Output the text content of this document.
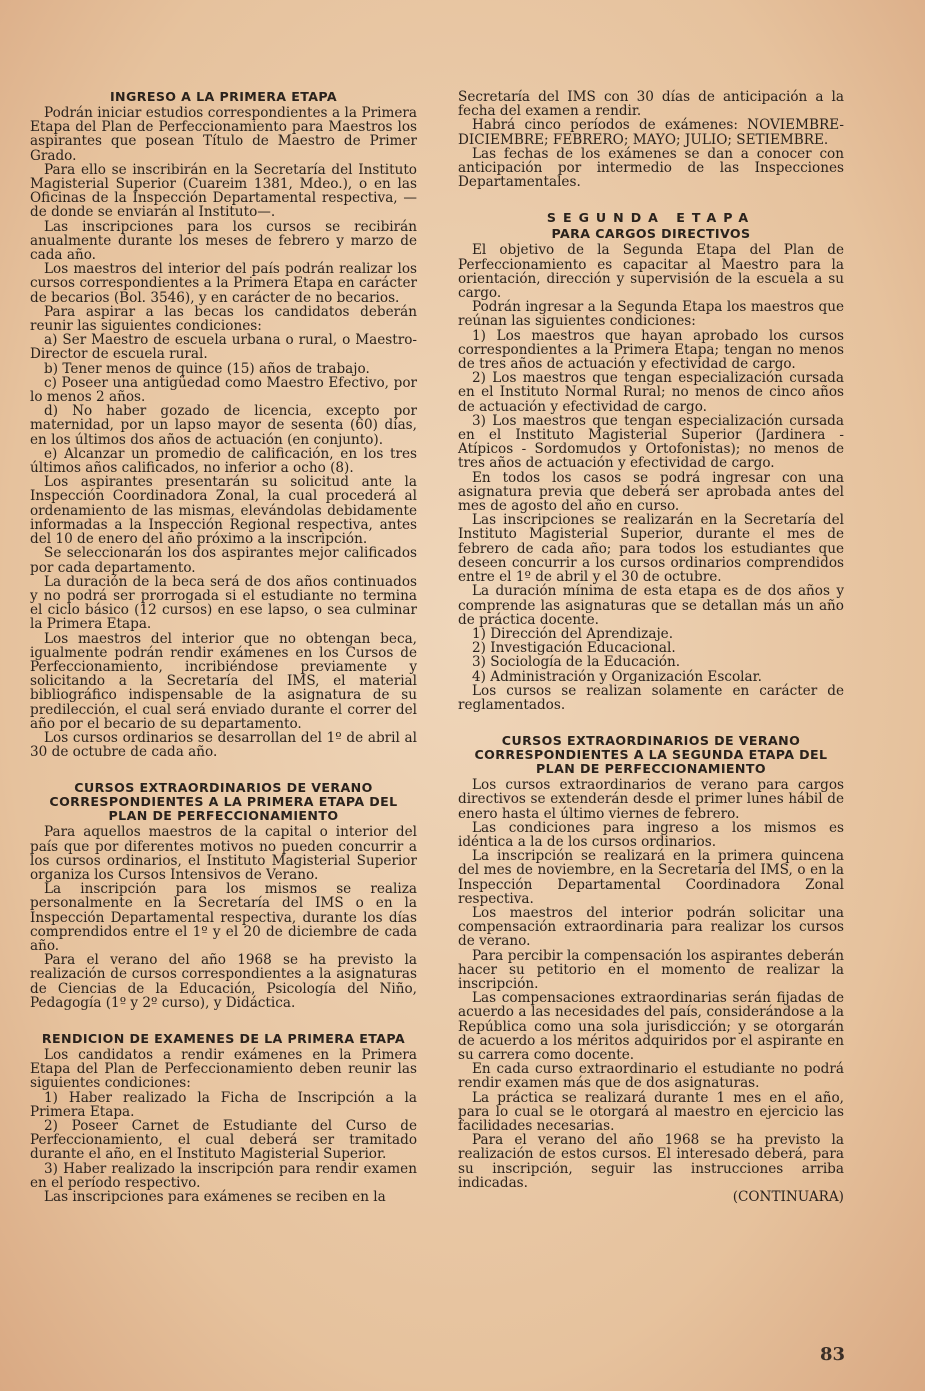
INGRESO A LA PRIMERA ETAPA

Podrán iniciar estudios correspondientes a la Primera Etapa del Plan de Perfeccionamiento para Maestros los aspirantes que posean Título de Maestro de Primer Grado.

Para ello se inscribirán en la Secretaría del Instituto Magisterial Superior (Cuareim 1381, Mdeo.), o en las Oficinas de la Inspección Departamental respectiva, —de donde se enviarán al Instituto—.

Las inscripciones para los cursos se recibirán anualmente durante los meses de febrero y marzo de cada año.

Los maestros del interior del país podrán realizar los cursos correspondientes a la Primera Etapa en carácter de becarios (Bol. 3546), y en carácter de no becarios.

Para aspirar a las becas los candidatos deberán reunir las siguientes condiciones:

a) Ser Maestro de escuela urbana o rural, o Maestro-Director de escuela rural.

b) Tener menos de quince (15) años de trabajo.

c) Poseer una antigüedad como Maestro Efectivo, por lo menos 2 años.

d) No haber gozado de licencia, excepto por maternidad, por un lapso mayor de sesenta (60) días, en los últimos dos años de actuación (en conjunto).

e) Alcanzar un promedio de calificación, en los tres últimos años calificados, no inferior a ocho (8).

Los aspirantes presentarán su solicitud ante la Inspección Coordinadora Zonal, la cual procederá al ordenamiento de las mismas, elevándolas debidamente informadas a la Inspección Regional respectiva, antes del 10 de enero del año próximo a la inscripción.

Se seleccionarán los dos aspirantes mejor calificados por cada departamento.

La duración de la beca será de dos años continuados y no podrá ser prorrogada si el estudiante no termina el ciclo básico (12 cursos) en ese lapso, o sea culminar la Primera Etapa.

Los maestros del interior que no obtengan beca, igualmente podrán rendir exámenes en los Cursos de Perfeccionamiento, incribiéndose previamente y solicitando a la Secretaría del IMS, el material bibliográfico indispensable de la asignatura de su predilección, el cual será enviado durante el correr del año por el becario de su departamento.

Los cursos ordinarios se desarrollan del 1º de abril al 30 de octubre de cada año.

CURSOS EXTRAORDINARIOS DE VERANO CORRESPONDIENTES A LA PRIMERA ETAPA DEL PLAN DE PERFECCIONAMIENTO

Para aquellos maestros de la capital o interior del país que por diferentes motivos no pueden concurrir a los cursos ordinarios, el Instituto Magisterial Superior organiza los Cursos Intensivos de Verano.

La inscripción para los mismos se realiza personalmente en la Secretaría del IMS o en la Inspección Departamental respectiva, durante los días comprendidos entre el 1º y el 20 de diciembre de cada año.

Para el verano del año 1968 se ha previsto la realización de cursos correspondientes a la asignaturas de Ciencias de la Educación, Psicología del Niño, Pedagogía (1º y 2º curso), y Didáctica.

RENDICION DE EXAMENES DE LA PRIMERA ETAPA

Los candidatos a rendir exámenes en la Primera Etapa del Plan de Perfeccionamiento deben reunir las siguientes condiciones:

1) Haber realizado la Ficha de Inscripción a la Primera Etapa.

2) Poseer Carnet de Estudiante del Curso de Perfeccionamiento, el cual deberá ser tramitado durante el año, en el Instituto Magisterial Superior.

3) Haber realizado la inscripción para rendir examen en el período respectivo.

Las inscripciones para exámenes se reciben en la

Secretaría del IMS con 30 días de anticipación a la fecha del examen a rendir.

Habrá cinco períodos de exámenes: NOVIEMBRE-DICIEMBRE; FEBRERO; MAYO; JULIO; SETIEMBRE.

Las fechas de los exámenes se dan a conocer con anticipación por intermedio de las Inspecciones Departamentales.

SEGUNDA ETAPA
PARA CARGOS DIRECTIVOS

El objetivo de la Segunda Etapa del Plan de Perfeccionamiento es capacitar al Maestro para la orientación, dirección y supervisión de la escuela a su cargo.

Podrán ingresar a la Segunda Etapa los maestros que reúnan las siguientes condiciones:

1) Los maestros que hayan aprobado los cursos correspondientes a la Primera Etapa; tengan no menos de tres años de actuación y efectividad de cargo.

2) Los maestros que tengan especialización cursada en el Instituto Normal Rural; no menos de cinco años de actuación y efectividad de cargo.

3) Los maestros que tengan especialización cursada en el Instituto Magisterial Superior (Jardinera - Atípicos - Sordomudos y Ortofonistas); no menos de tres años de actuación y efectividad de cargo.

En todos los casos se podrá ingresar con una asignatura previa que deberá ser aprobada antes del mes de agosto del año en curso.

Las inscripciones se realizarán en la Secretaría del Instituto Magisterial Superior, durante el mes de febrero de cada año; para todos los estudiantes que deseen concurrir a los cursos ordinarios comprendidos entre el 1º de abril y el 30 de octubre.

La duración mínima de esta etapa es de dos años y comprende las asignaturas que se detallan más un año de práctica docente.

1) Dirección del Aprendizaje.

2) Investigación Educacional.

3) Sociología de la Educación.

4) Administración y Organización Escolar.

Los cursos se realizan solamente en carácter de reglamentados.

CURSOS EXTRAORDINARIOS DE VERANO CORRESPONDIENTES A LA SEGUNDA ETAPA DEL PLAN DE PERFECCIONAMIENTO

Los cursos extraordinarios de verano para cargos directivos se extenderán desde el primer lunes hábil de enero hasta el último viernes de febrero.

Las condiciones para ingreso a los mismos es idéntica a la de los cursos ordinarios.

La inscripción se realizará en la primera quincena del mes de noviembre, en la Secretaría del IMS, o en la Inspección Departamental Coordinadora Zonal respectiva.

Los maestros del interior podrán solicitar una compensación extraordinaria para realizar los cursos de verano.

Para percibir la compensación los aspirantes deberán hacer su petitorio en el momento de realizar la inscripción.

Las compensaciones extraordinarias serán fijadas de acuerdo a las necesidades del país, considerándose a la República como una sola jurisdicción; y se otorgarán de acuerdo a los méritos adquiridos por el aspirante en su carrera como docente.

En cada curso extraordinario el estudiante no podrá rendir examen más que de dos asignaturas.

La práctica se realizará durante 1 mes en el año, para lo cual se le otorgará al maestro en ejercicio las facilidades necesarias.

Para el verano del año 1968 se ha previsto la realización de estos cursos. El interesado deberá, para su inscripción, seguir las instrucciones arriba indicadas.

(CONTINUARA)

83
